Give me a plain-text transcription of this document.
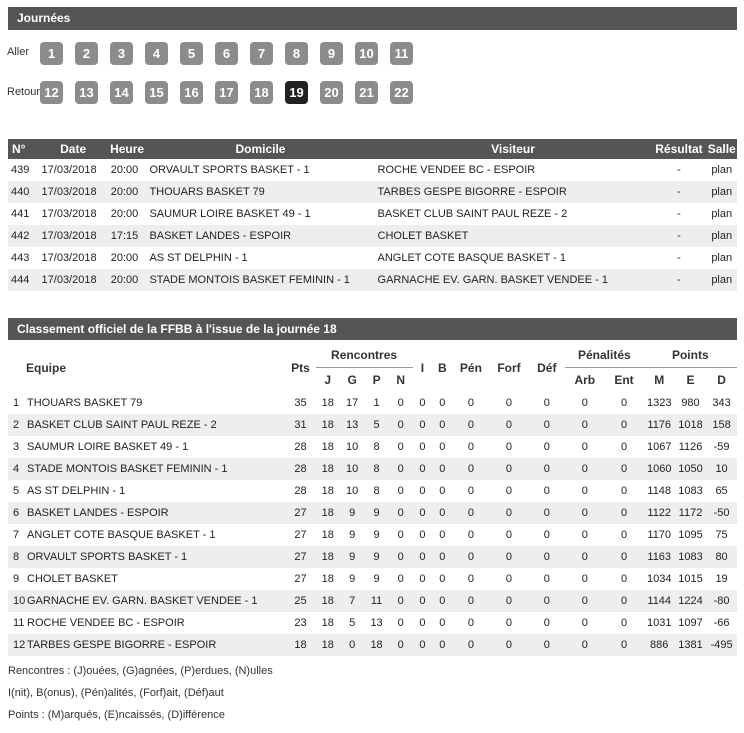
Journées
Aller	1	2	3	4	5	6	7	8	9	10	11
Retour 12	13	14	15	16	17	18	19	20	21	22
N°	Date	Heure	Domicile	Visiteur	Résultat	Salle
439	17/03/2018	20:00	ORVAULT SPORTS BASKET - 1	ROCHE VENDEE BC - ESPOIR	-	plan
440	17/03/2018	20:00	THOUARS BASKET 79	TARBES GESPE BIGORRE - ESPOIR	-	plan
441	17/03/2018	20:00	SAUMUR LOIRE BASKET 49 - 1	BASKET CLUB SAINT PAUL REZE - 2	-	plan
442	17/03/2018	17:15	BASKET LANDES - ESPOIR	CHOLET BASKET	-	plan
443	17/03/2018	20:00	AS ST DELPHIN - 1	ANGLET COTE BASQUE BASKET - 1	-	plan
444	17/03/2018	20:00	STADE MONTOIS BASKET FEMININ - 1	GARNACHE EV. GARN. BASKET VENDEE - 1	-	plan
Classement officiel de la FFBB à l'issue de la journée 18
Equipe	Pts	Rencontres				I	B	Pén	Forf	Déf	Pénalités		Points		
		J	G	P	N						Arb	Ent	M	E	D
1 THOUARS BASKET 79	35	18	17	1	0	0	0	0	0	0	0	0	1323	980	343
2 BASKET CLUB SAINT PAUL REZE - 2	31	18	13	5	0	0	0	0	0	0	0	0	1176	1018	158
3 SAUMUR LOIRE BASKET 49 - 1	28	18	10	8	0	0	0	0	0	0	0	0	1067	1126	-59
4 STADE MONTOIS BASKET FEMININ - 1	28	18	10	8	0	0	0	0	0	0	0	0	1060	1050	10
5 AS ST DELPHIN - 1	28	18	10	8	0	0	0	0	0	0	0	0	1148	1083	65
6 BASKET LANDES - ESPOIR	27	18	9	9	0	0	0	0	0	0	0	0	1122	1172	-50
7 ANGLET COTE BASQUE BASKET - 1	27	18	9	9	0	0	0	0	0	0	0	0	1170	1095	75
8 ORVAULT SPORTS BASKET - 1	27	18	9	9	0	0	0	0	0	0	0	0	1163	1083	80
9 CHOLET BASKET	27	18	9	9	0	0	0	0	0	0	0	0	1034	1015	19
10 GARNACHE EV. GARN. BASKET VENDEE - 1	25	18	7	11	0	0	0	0	0	0	0	0	1144	1224	-80
11 ROCHE VENDEE BC - ESPOIR	23	18	5	13	0	0	0	0	0	0	0	0	1031	1097	-66
12 TARBES GESPE BIGORRE - ESPOIR	18	18	0	18	0	0	0	0	0	0	0	0	886	1381	-495
Rencontres : (J)ouées, (G)agnées, (P)erdues, (N)ulles
I(nit), B(onus), (Pén)alités, (Forf)ait, (Déf)aut
Points : (M)arqués, (E)ncaissés, (D)ifférence
